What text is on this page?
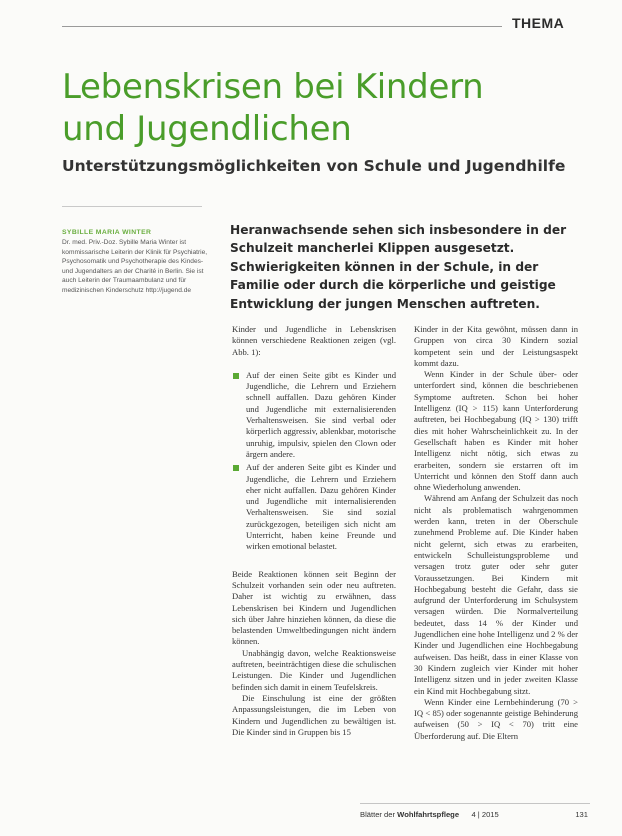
THEMA
Lebenskrisen bei Kindern
und Jugendlichen
Unterstützungsmöglichkeiten von Schule und Jugendhilfe
SYBILLE MARIA WINTER
Dr. med. Priv.-Doz. Sybille Maria Winter ist kommissarische Leiterin der Klinik für Psychiatrie, Psychosomatik und Psychotherapie des Kindes- und Jugendalters an der Charité in Berlin. Sie ist auch Leiterin der Traumaambulanz und für medizinischen Kinderschutz http://jugend.de
Heranwachsende sehen sich insbesondere in der Schulzeit mancherlei Klippen ausgesetzt. Schwierigkeiten können in der Schule, in der Familie oder durch die körperliche und geistige Entwicklung der jungen Menschen auftreten.

Kinder und Jugendliche in Lebenskrisen können verschiedene Reaktionen zeigen (vgl. Abb. 1):

Auf der einen Seite gibt es Kinder und Jugendliche, die Lehrern und Erziehern schnell auffallen. Dazu gehören Kinder und Jugendliche mit externalisierenden Verhaltensweisen. Sie sind verbal oder körperlich aggressiv, ablenkbar, motorische unruhig, impulsiv, spielen den Clown oder ärgern andere.
Auf der anderen Seite gibt es Kinder und Jugendliche, die Lehrern und Erziehern eher nicht auffallen. Dazu gehören Kinder und Jugendliche mit internalisierenden Verhaltensweisen. Sie sind sozial zurückgezogen, beteiligen sich nicht am Unterricht, haben keine Freunde und wirken emotional belastet.

Beide Reaktionen können seit Beginn der Schulzeit vorhanden sein oder neu auftreten. Daher ist wichtig zu erwähnen, dass Lebenskrisen bei Kindern und Jugendlichen sich über Jahre hinziehen können, da diese die belastenden Umweltbedingungen nicht ändern können.

Unabhängig davon, welche Reaktionsweise auftreten, beeinträchtigen diese die schulischen Leistungen. Die Kinder und Jugendlichen befinden sich damit in einem Teufelskreis.

Die Einschulung ist eine der größten Anpassungsleistungen, die im Leben von Kindern und Jugendlichen zu bewältigen ist. Die Kinder sind in Gruppen bis 15

Kinder in der Kita gewöhnt, müssen dann in Gruppen von circa 30 Kindern sozial kompetent sein und der Leistungsaspekt kommt dazu.

Wenn Kinder in der Schule über- oder unterfordert sind, können die beschriebenen Symptome auftreten. Schon bei hoher Intelligenz (IQ > 115) kann Unterforderung auftreten, bei Hochbegabung (IQ > 130) trifft dies mit hoher Wahrscheinlichkeit zu. In der Gesellschaft haben es Kinder mit hoher Intelligenz nicht nötig, sich etwas zu erarbeiten, sondern sie erstarren oft im Unterricht und können den Stoff dann auch ohne Wiederholung anwenden.

Während am Anfang der Schulzeit das noch nicht als problematisch wahrgenommen werden kann, treten in der Oberschule zunehmend Probleme auf. Die Kinder haben nicht gelernt, sich etwas zu erarbeiten, entwickeln Schulleistungsprobleme und versagen trotz guter oder sehr guter Voraussetzungen. Bei Kindern mit Hochbegabung besteht die Gefahr, dass sie aufgrund der Unterforderung im Schulsystem versagen würden. Die Normalverteilung bedeutet, dass 14 % der Kinder und Jugendlichen eine hohe Intelligenz und 2 % der Kinder und Jugendlichen eine Hochbegabung aufweisen. Das heißt, dass in einer Klasse von 30 Kindern zugleich vier Kinder mit hoher Intelligenz sitzen und in jeder zweiten Klasse ein Kind mit Hochbegabung sitzt.

Wenn Kinder eine Lernbehinderung (70 > IQ < 85) oder sogenannte geistige Behinderung aufweisen (50 > IQ < 70) tritt eine Überforderung auf. Die Eltern

Blätter der Wohlfahrtspflege 4 | 2015	131
